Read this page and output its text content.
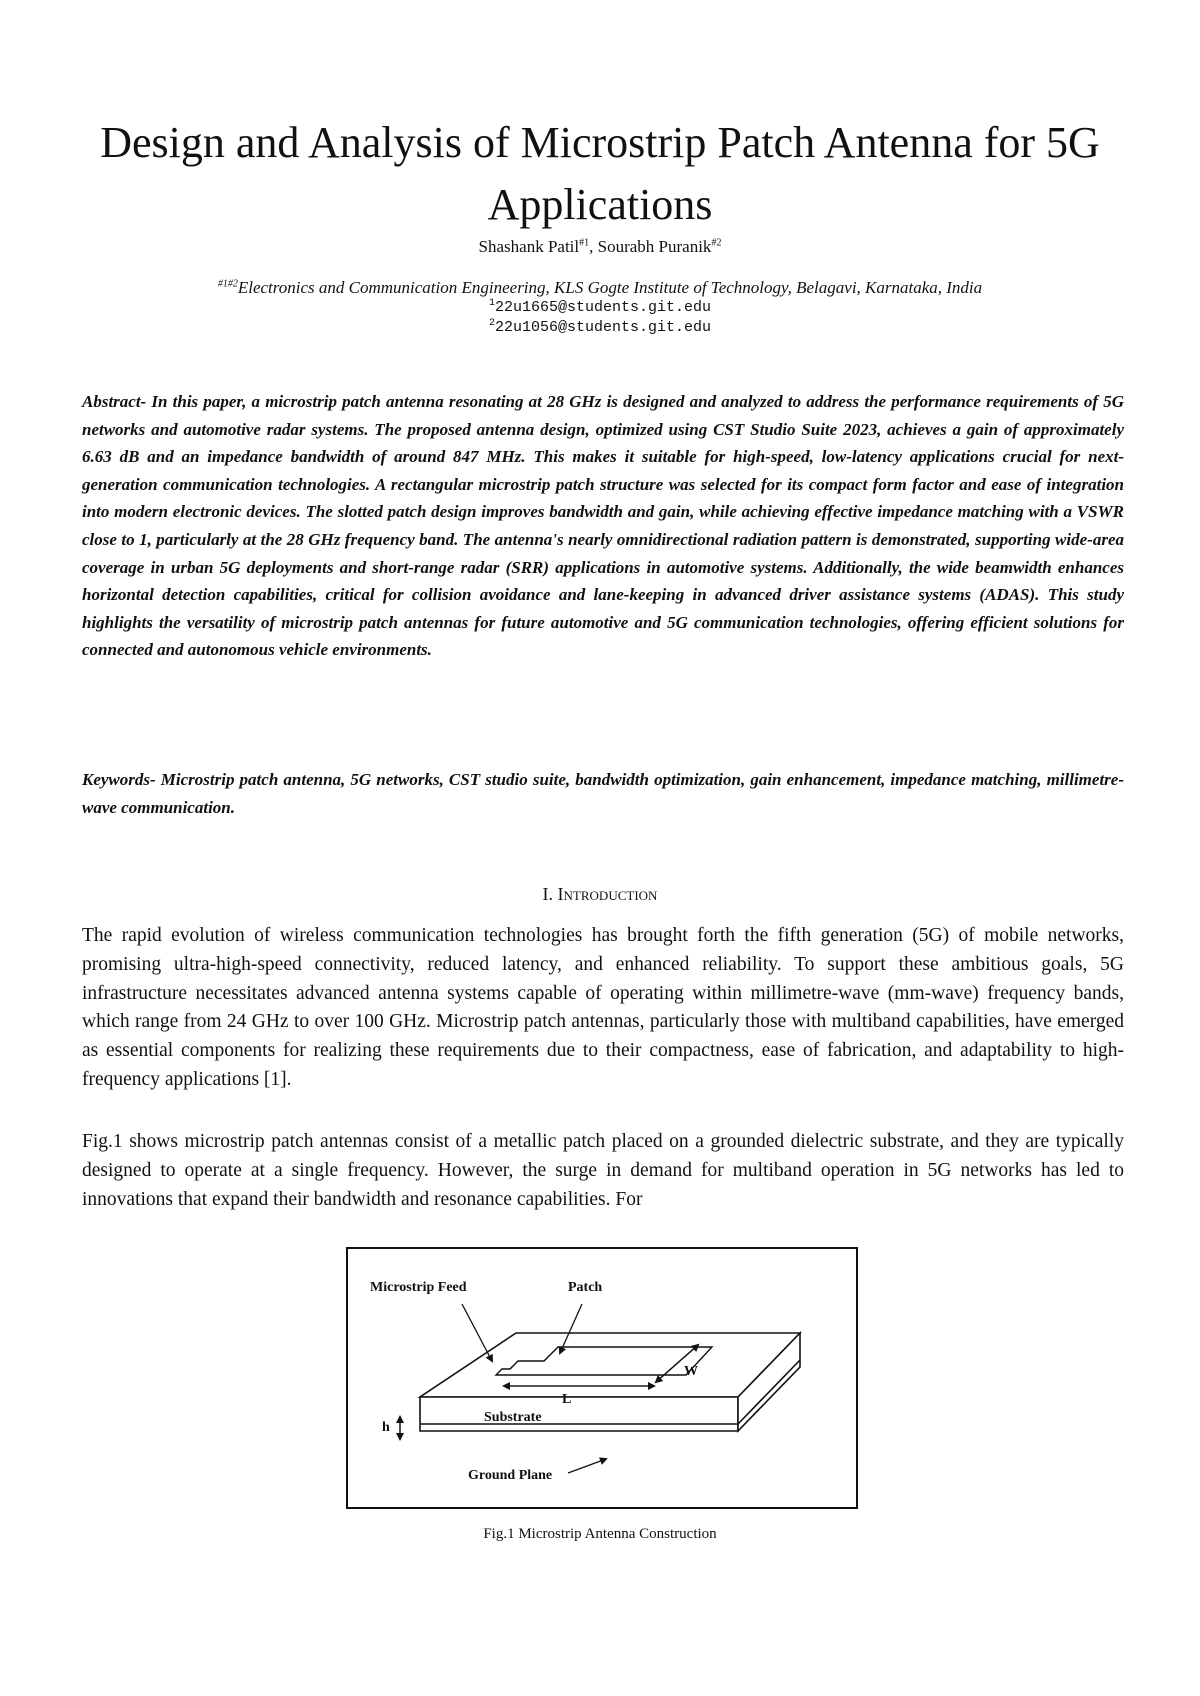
Design and Analysis of Microstrip Patch Antenna for 5G Applications
Shashank Patil$^{\#1}$, Sourabh Puranik$^{\#2}$
$^{\#1\#2}$Electronics and Communication Engineering, KLS Gogte Institute of Technology, Belagavi, Karnataka, India
$^1$22u1665@students.git.edu
$^2$22u1056@students.git.edu

Abstract- In this paper, a microstrip patch antenna resonating at 28 GHz is designed and analyzed to address the performance requirements of 5G networks and automotive radar systems. The proposed antenna design, optimized using CST Studio Suite 2023, achieves a gain of approximately 6.63 dB and an impedance bandwidth of around 847 MHz. This makes it suitable for high-speed, low-latency applications crucial for next-generation communication technologies. A rectangular microstrip patch structure was selected for its compact form factor and ease of integration into modern electronic devices. The slotted patch design improves bandwidth and gain, while achieving effective impedance matching with a VSWR close to 1, particularly at the 28 GHz frequency band. The antenna's nearly omnidirectional radiation pattern is demonstrated, supporting wide-area coverage in urban 5G deployments and short-range radar (SRR) applications in automotive systems. Additionally, the wide beamwidth enhances horizontal detection capabilities, critical for collision avoidance and lane-keeping in advanced driver assistance systems (ADAS). This study highlights the versatility of microstrip patch antennas for future automotive and 5G communication technologies, offering efficient solutions for connected and autonomous vehicle environments.

Keywords- Microstrip patch antenna, 5G networks, CST studio suite, bandwidth optimization, gain enhancement, impedance matching, millimetre-wave communication.

I. Introduction

The rapid evolution of wireless communication technologies has brought forth the fifth generation (5G) of mobile networks, promising ultra-high-speed connectivity, reduced latency, and enhanced reliability. To support these ambitious goals, 5G infrastructure necessitates advanced antenna systems capable of operating within millimetre-wave (mm-wave) frequency bands, which range from 24 GHz to over 100 GHz. Microstrip patch antennas, particularly those with multiband capabilities, have emerged as essential components for realizing these requirements due to their compactness, ease of fabrication, and adaptability to high-frequency applications [1].

Fig.1 shows microstrip patch antennas consist of a metallic patch placed on a grounded dielectric substrate, and they are typically designed to operate at a single frequency. However, the surge in demand for multiband operation in 5G networks has led to innovations that expand their bandwidth and resonance capabilities. For

Microstrip Feed	Patch
W
L
h
Substrate
Ground Plane
Fig.1 Microstrip Antenna Construction
